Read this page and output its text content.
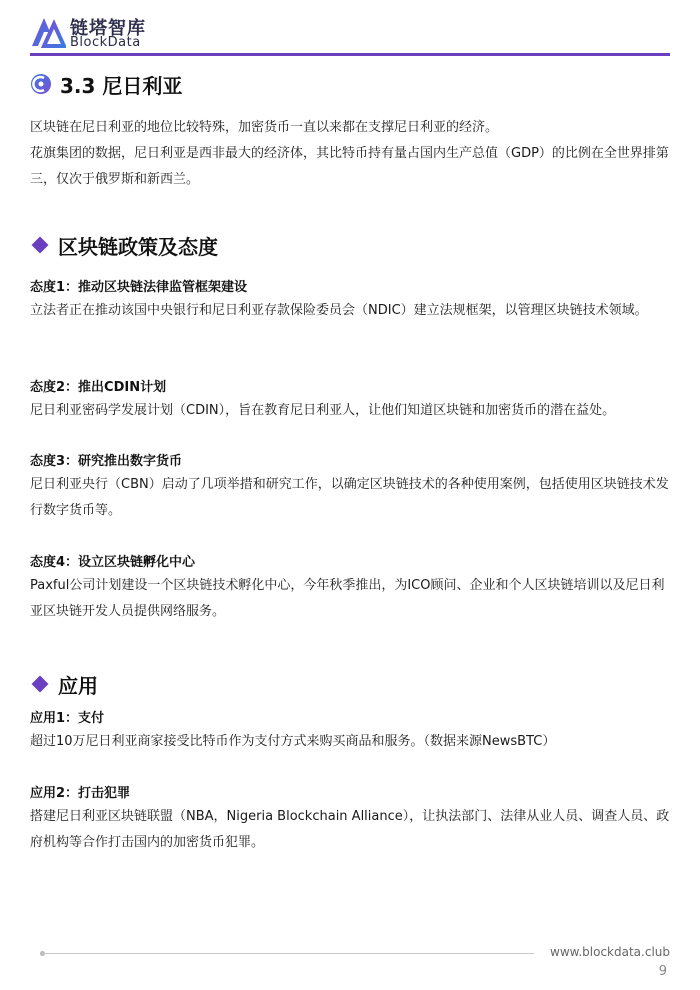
链塔智库
BlockData
3.3 尼日利亚
区块链在尼日利亚的地位比较特殊，加密货币一直以来都在支撑尼日利亚的经济。
花旗集团的数据，尼日利亚是西非最大的经济体，其比特币持有量占国内生产总值（GDP）的比例在全世界排第三，仅次于俄罗斯和新西兰。
区块链政策及态度
态度1：推动区块链法律监管框架建设
立法者正在推动该国中央银行和尼日利亚存款保险委员会（NDIC）建立法规框架，以管理区块链技术领域。
态度2：推出CDIN计划
尼日利亚密码学发展计划（CDIN），旨在教育尼日利亚人，让他们知道区块链和加密货币的潜在益处。
态度3：研究推出数字货币
尼日利亚央行（CBN）启动了几项举措和研究工作，以确定区块链技术的各种使用案例，包括使用区块链技术发行数字货币等。
态度4：设立区块链孵化中心
Paxful公司计划建设一个区块链技术孵化中心，今年秋季推出，为ICO顾问、企业和个人区块链培训以及尼日利亚区块链开发人员提供网络服务。
应用
应用1：支付
超过10万尼日利亚商家接受比特币作为支付方式来购买商品和服务。（数据来源NewsBTC）
应用2：打击犯罪
搭建尼日利亚区块链联盟（NBA，Nigeria Blockchain Alliance），让执法部门、法律从业人员、调查人员、政府机构等合作打击国内的加密货币犯罪。
www.blockdata.club
9
